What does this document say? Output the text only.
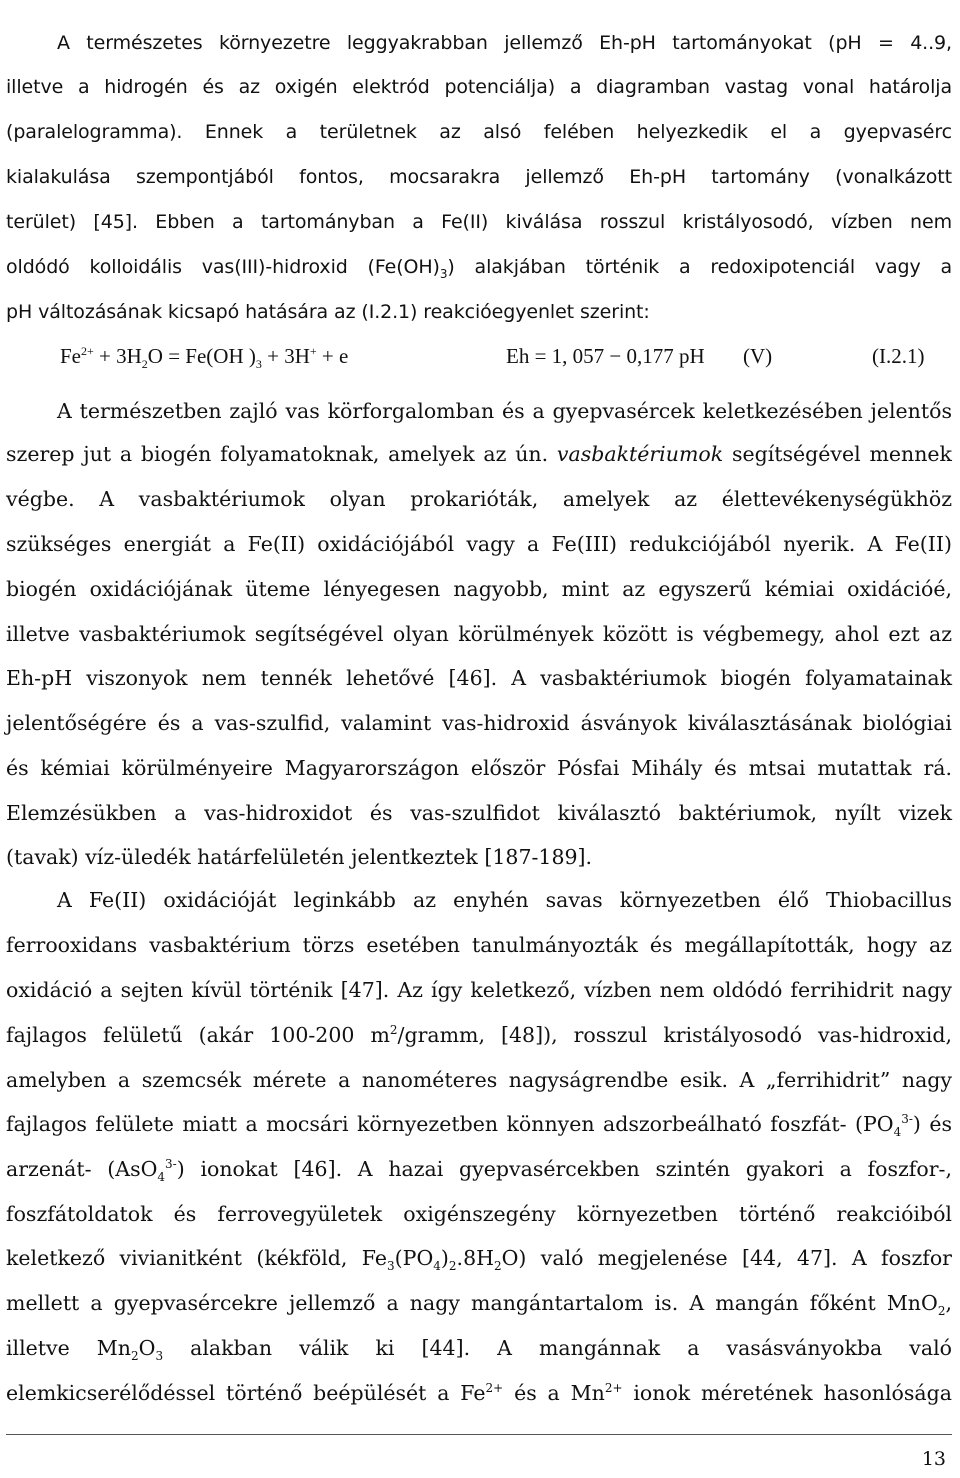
A természetes környezetre leggyakrabban jellemző Eh-pH tartományokat (pH = 4..9,
illetve a hidrogén és az oxigén elektród potenciálja) a diagramban vastag vonal határolja
(paralelogramma). Ennek a területnek az alsó felében helyezkedik el a gyepvasérc
kialakulása szempontjából fontos, mocsarakra jellemző Eh-pH tartomány (vonalkázott
terület) [45]. Ebben a tartományban a Fe(II) kiválása rosszul kristályosodó, vízben nem
oldódó kolloidális vas(III)-hidroxid $(Fe(OH)_3)$ alakjában történik a redoxipotenciál vagy a
pH változásának kicsapó hatására az (I.2.1) reakcióegyenlet szerint:
$Fe^{2+} + 3H_2O = Fe(OH$ )$_3 + 3H^+ + e$	Eh = 1, 057 − 0,177 pH (V)	(I.2.1)
A természetben zajló vas körforgalomban és a gyepvasércek keletkezésében jelentős
szerep jut a biogén folyamatoknak, amelyek az ún. vasbaktériumok segítségével mennek
végbe. A vasbaktériumok olyan prokarióták, amelyek az élettevékenységükhöz
szükséges energiát a Fe(II) oxidációjából vagy a Fe(III) redukciójából nyerik. A Fe(II)
biogén oxidációjának üteme lényegesen nagyobb, mint az egyszerű kémiai oxidációé,
illetve vasbaktériumok segítségével olyan körülmények között is végbemegy, ahol ezt az
Eh-pH viszonyok nem tennék lehetővé [46]. A vasbaktériumok biogén folyamatainak
jelentőségére és a vas-szulfid, valamint vas-hidroxid ásványok kiválasztásának biológiai
és kémiai körülményeire Magyarországon először Pósfai Mihály és mtsai mutattak rá.
Elemzésükben a vas-hidroxidot és vas-szulfidot kiválasztó baktériumok, nyílt vizek
(tavak) víz-üledék határfelületén jelentkeztek [187-189].
A Fe(II) oxidációját leginkább az enyhén savas környezetben élő Thiobacillus
ferrooxidans vasbaktérium törzs esetében tanulmányozták és megállapították, hogy az
oxidáció a sejten kívül történik [47]. Az így keletkező, vízben nem oldódó ferrihidrit nagy
fajlagos felületű (akár 100-200 $m^2$/gramm, [48]), rosszul kristályosodó vas-hidroxid,
amelyben a szemcsék mérete a nanométeres nagyságrendbe esik. A „ferrihidrit” nagy
fajlagos felülete miatt a mocsári környezetben könnyen adszorbeálható foszfát- $(PO_4^{3-})$ és
arzenát- (AsO$_4^{3-}$) ionokat [46]. A hazai gyepvasércekben szintén gyakori a foszfor-,
foszfátoldatok és ferrovegyületek oxigénszegény környezetben történő reakcióiból
keletkező vivianitként (kékföld, $Fe_3(PO_4)_2.8H_2O$) való megjelenése [44, 47]. A foszfor
mellett a gyepvasércekre jellemző a nagy mangántartalom is. A mangán főként MnO$_2$,
illetve $Mn_2O_3$ alakban válik ki [44]. A mangánnak a vasásványokba való
elemkicserélődéssel történő beépülését a $Fe^{2+}$ és a $Mn^{2+}$ ionok méretének hasonlósága
13
